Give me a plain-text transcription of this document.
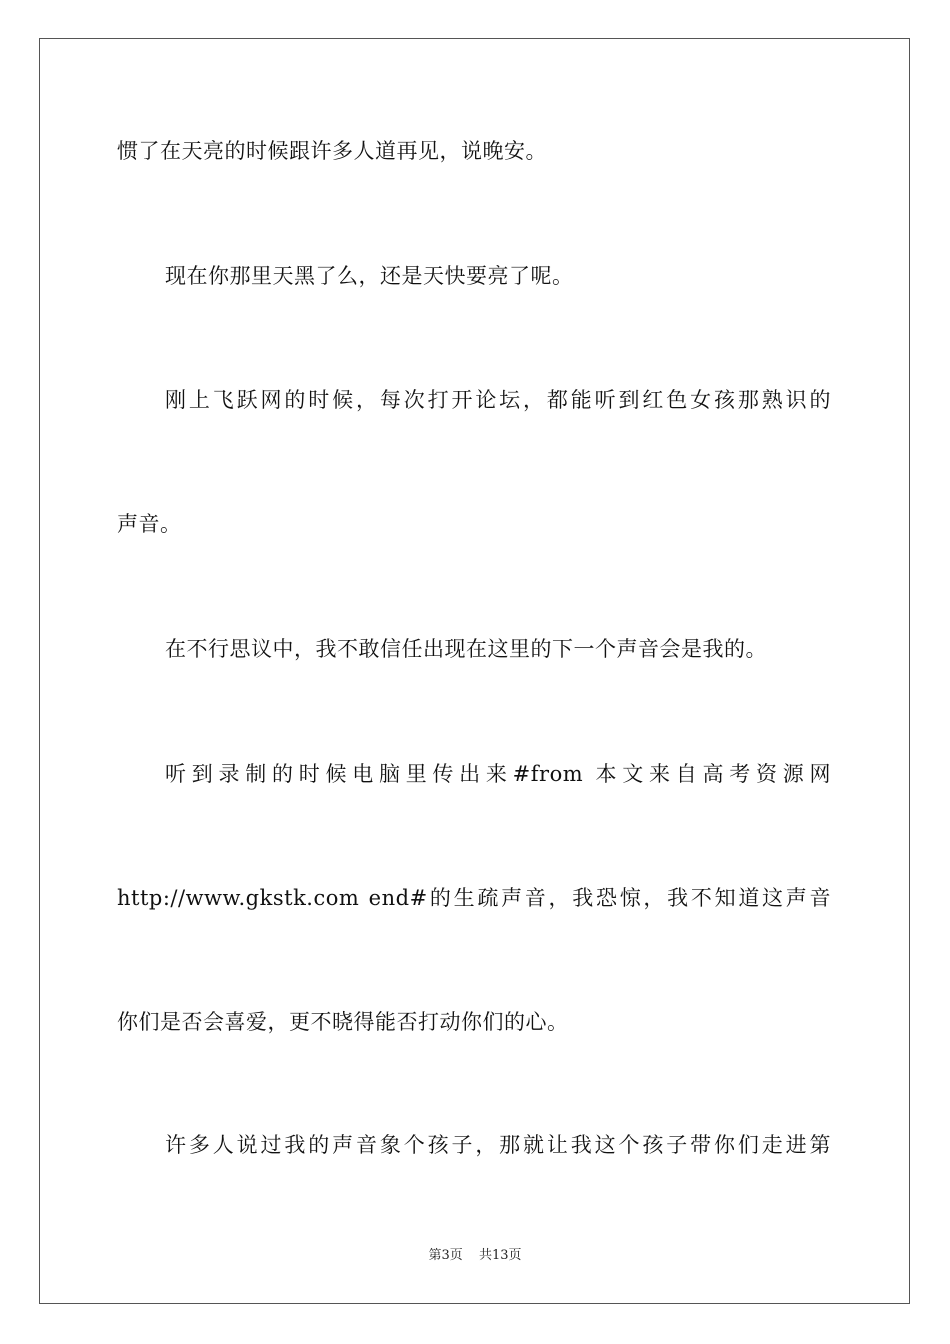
惯了在天亮的时候跟许多人道再见，说晚安。
现在你那里天黑了么，还是天快要亮了呢。
刚上飞跃网的时候，每次打开论坛，都能听到红色女孩那熟识的
声音。
在不行思议中，我不敢信任出现在这里的下一个声音会是我的。
听到录制的时候电脑里传出来#from 本文来自高考资源网
http://www.gkstk.com end#的生疏声音，我恐惊，我不知道这声音
你们是否会喜爱，更不晓得能否打动你们的心。
许多人说过我的声音象个孩子，那就让我这个孩子带你们走进第
第3页 共13页
